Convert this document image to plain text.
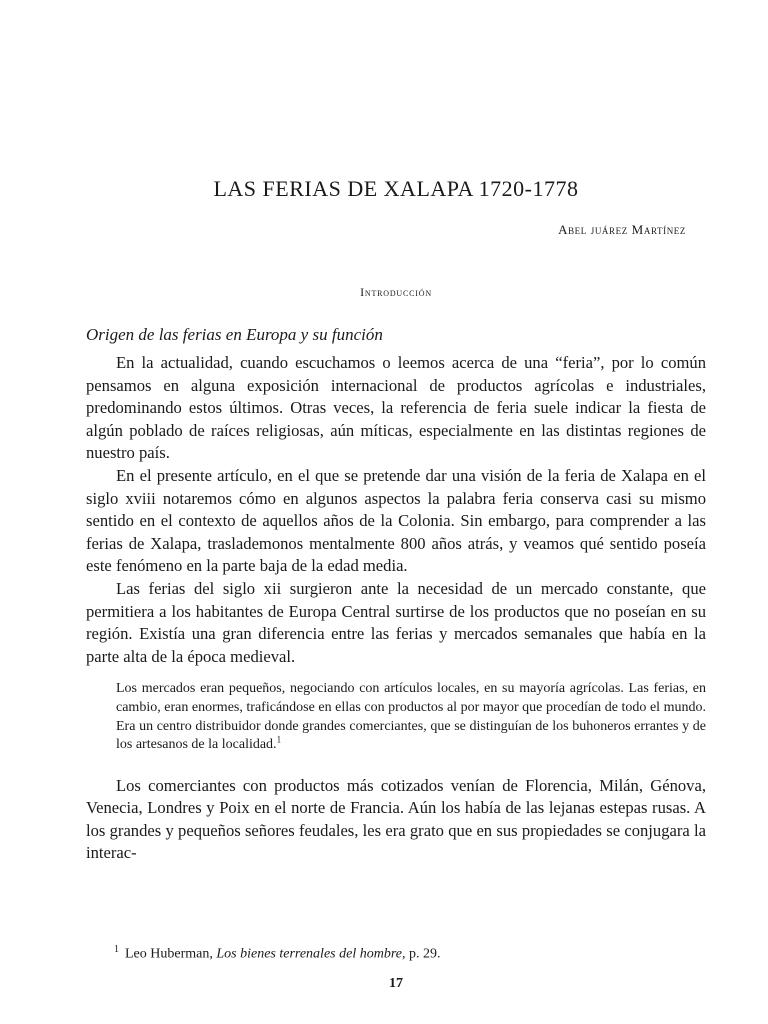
LAS FERIAS DE XALAPA 1720-1778
Abel juárez Martínez
Introducción
Origen de las ferias en Europa y su función

En la actualidad, cuando escuchamos o leemos acerca de una “feria”, por lo común pensamos en alguna exposición internacional de productos agrícolas e industriales, predominando estos últimos. Otras veces, la referencia de feria suele indicar la fiesta de algún poblado de raíces religiosas, aún míticas, especialmente en las distintas regiones de nuestro país.

En el presente artículo, en el que se pretende dar una visión de la feria de Xalapa en el siglo xviii notaremos cómo en algunos aspectos la palabra feria conserva casi su mismo sentido en el contexto de aquellos años de la Colonia. Sin embargo, para comprender a las ferias de Xalapa, traslademonos mentalmente 800 años atrás, y veamos qué sentido poseía este fenómeno en la parte baja de la edad media.

Las ferias del siglo xii surgieron ante la necesidad de un mercado constante, que permitiera a los habitantes de Europa Central surtirse de los productos que no poseían en su región. Existía una gran diferencia entre las ferias y mercados semanales que había en la parte alta de la época medieval.

Los mercados eran pequeños, negociando con artículos locales, en su mayoría agrícolas. Las ferias, en cambio, eran enormes, traficándose en ellas con productos al por mayor que procedían de todo el mundo. Era un centro distribuidor donde grandes comerciantes, que se distinguían de los buhoneros errantes y de los artesanos de la localidad.$^1$

Los comerciantes con productos más cotizados venían de Florencia, Milán, Génova, Venecia, Londres y Poix en el norte de Francia. Aún los había de las lejanas estepas rusas. A los grandes y pequeños señores feudales, les era grato que en sus propiedades se conjugara la interac-

$^1$ Leo Huberman, Los bienes terrenales del hombre, p. 29.

17
